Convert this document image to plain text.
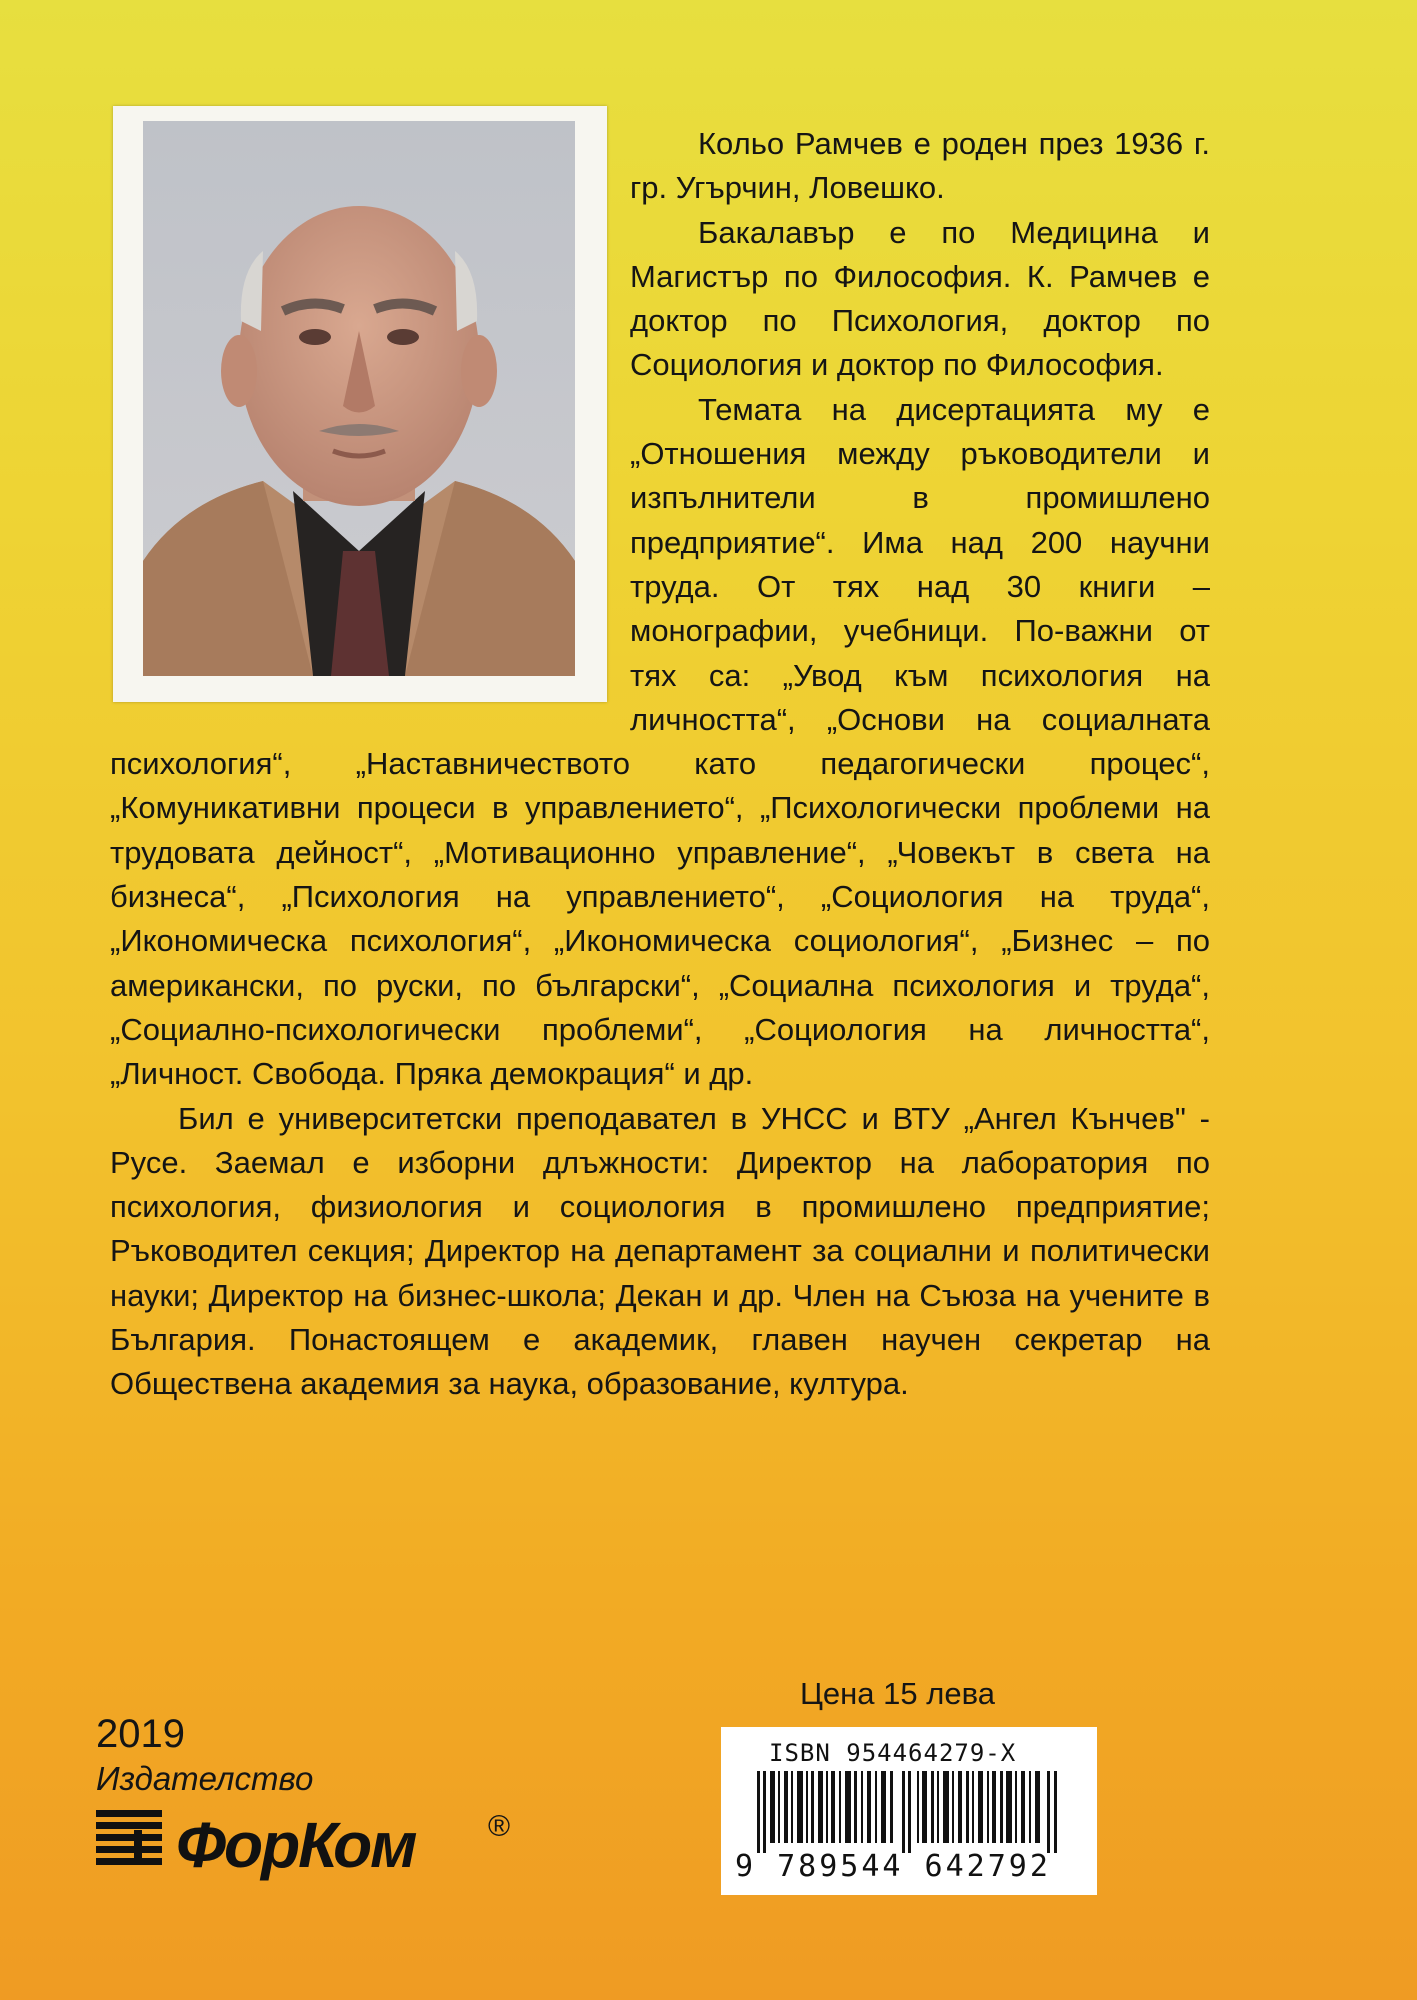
Кольо Рамчев е роден през 1936 г. гр. Угърчин, Ловешко.

Бакалавър е по Медицина и Магистър по Философия. К. Рамчев е доктор по Психология, доктор по Социология и доктор по Философия.

Темата на дисертацията му е „Отношения между ръководители и изпълнители в промишлено предприятие“. Има над 200 научни труда. От тях над 30 книги – монографии, учебници. По-важни от тях са: „Увод към психология на личността“, „Основи на социалната психология“, „Наставничеството като педагогически процес“, „Комуникативни процеси в управлението“, „Психологически проблеми на трудовата дейност“, „Мотивационно управление“, „Човекът в света на бизнеса“, „Психология на управлението“, „Социология на труда“, „Икономическа психология“, „Икономическа социология“, „Бизнес – по американски, по руски, по български“, „Социална психология и труда“, „Социално-психологически проблеми“, „Социология на личността“, „Личност. Свобода. Пряка демокрация“ и др.

Бил е университетски преподавател в УНСС и ВТУ „Ангел Кънчев" - Русе. Заемал е изборни длъжности: Директор на лаборатория по психология, физиология и социология в промишлено предприятие; Ръководител секция; Директор на департамент за социални и политически науки; Директор на бизнес-школа; Декан и др. Член на Съюза на учените в България. Понастоящем е академик, главен научен секретар на Обществена академия за наука, образование, култура.

Цена 15 лева
ISBN 954464279-X
9 789544 642792
2019
Издателство
ФорКом ®
